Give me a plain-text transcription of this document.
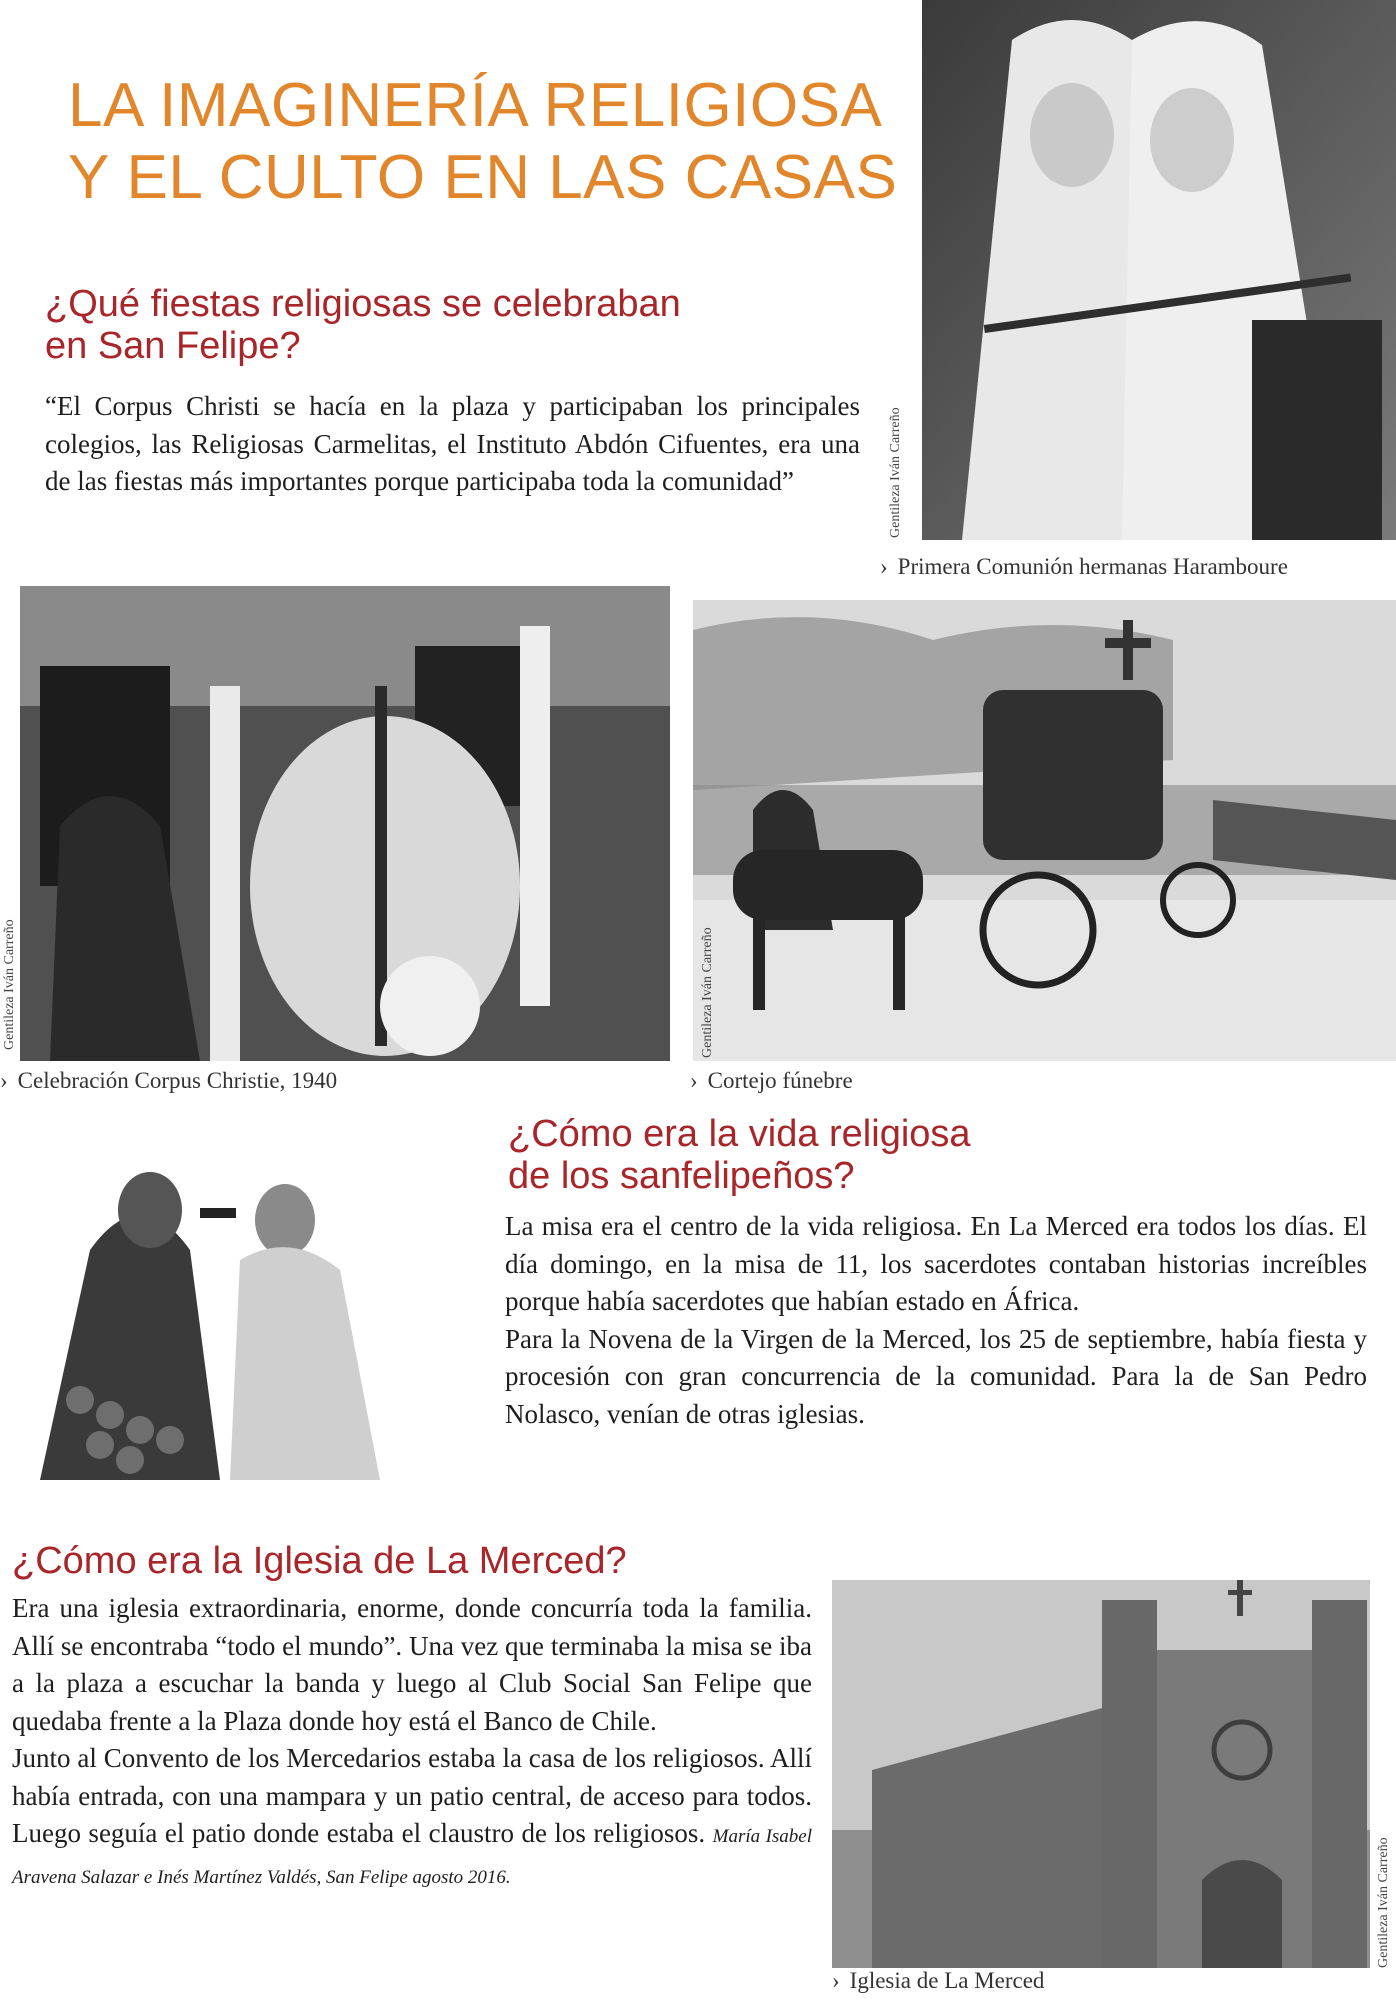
LA IMAGINERÍA RELIGIOSA
Y EL CULTO EN LAS CASAS
¿Qué fiestas religiosas se celebraban
en San Felipe?
“El Corpus Christi se hacía en la plaza y participaban los principales colegios, las Religiosas Carmelitas, el Instituto Abdón Cifuentes, era una de las fiestas más importantes porque participaba toda la comunidad”	Gentileza Iván Carreño
› Primera Comunión hermanas Haramboure
Gentileza Iván Carreño
› Celebración Corpus Christie, 1940
Gentileza Iván Carreño
› Cortejo fúnebre
¿Cómo era la vida religiosa
de los sanfelipeños?
La misa era el centro de la vida religiosa. En La Merced era todos los días. El día domingo, en la misa de 11, los sacerdotes contaban historias increíbles porque había sacerdotes que habían estado en África.
Para la Novena de la Virgen de la Merced, los 25 de septiembre, había fiesta y procesión con gran concurrencia de la comunidad. Para la de San Pedro Nolasco, venían de otras iglesias.
¿Cómo era la Iglesia de La Merced?
Era una iglesia extraordinaria, enorme, donde concurría toda la familia. Allí se encontraba “todo el mundo”. Una vez que terminaba la misa se iba a la plaza a escuchar la banda y luego al Club Social San Felipe que quedaba frente a la Plaza donde hoy está el Banco de Chile.
Junto al Convento de los Mercedarios estaba la casa de los religiosos. Allí había entrada, con una mampara y un patio central, de acceso para todos. Luego seguía el patio donde estaba el claustro de los religiosos. María Isabel Aravena Salazar e Inés Martínez Valdés, San Felipe agosto 2016.	Gentileza Iván Carreño
› Iglesia de La Merced
